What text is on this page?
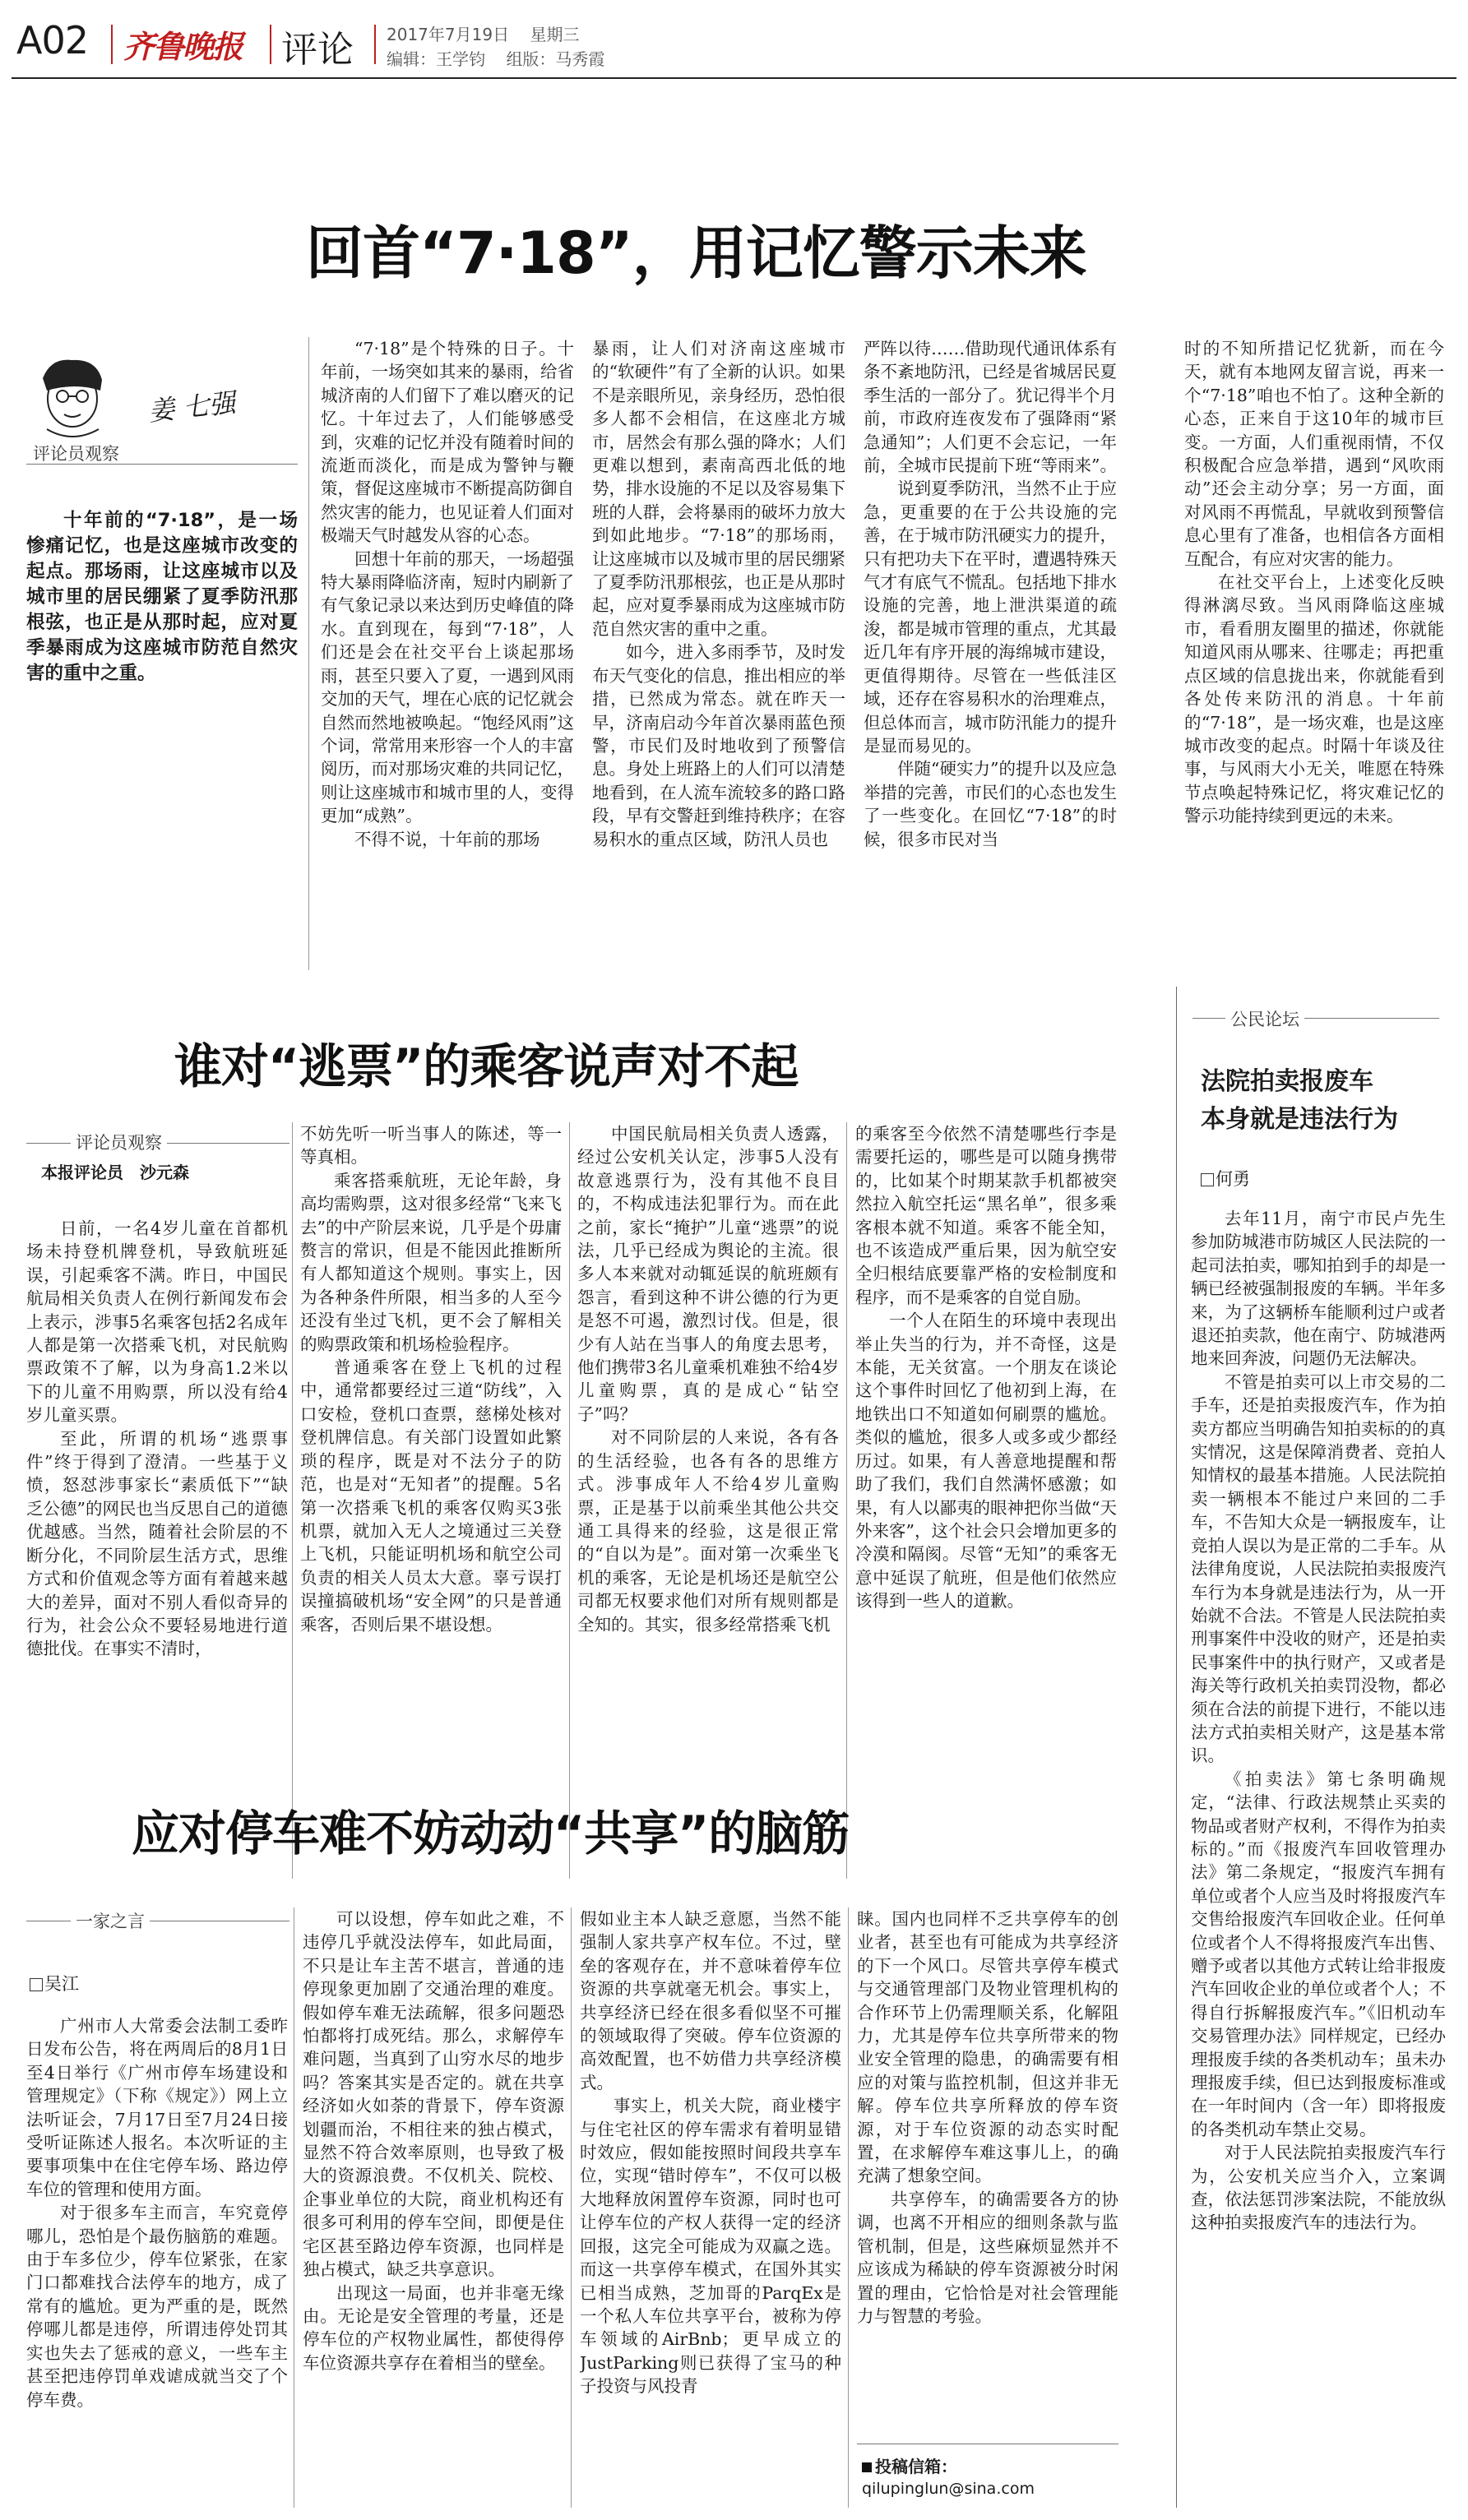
A02 齐鲁晚报 评论 2017年7月19日 星期三
编辑：王学钧 组版：马秀霞
回首“7·18”，用记忆警示未来
姜 七强
评论员观察

十年前的“7·18”，是一场惨痛记忆，也是这座城市改变的起点。那场雨，让这座城市以及城市里的居民绷紧了夏季防汛那根弦，也正是从那时起，应对夏季暴雨成为这座城市防范自然灾害的重中之重。

“7·18”是个特殊的日子。十年前，一场突如其来的暴雨，给省城济南的人们留下了难以磨灭的记忆。十年过去了，人们能够感受到，灾难的记忆并没有随着时间的流逝而淡化，而是成为警钟与鞭策，督促这座城市不断提高防御自然灾害的能力，也见证着人们面对极端天气时越发从容的心态。

回想十年前的那天，一场超强特大暴雨降临济南，短时内刷新了有气象记录以来达到历史峰值的降水。直到现在，每到“7·18”，人们还是会在社交平台上谈起那场雨，甚至只要入了夏，一遇到风雨交加的天气，埋在心底的记忆就会自然而然地被唤起。“饱经风雨”这个词，常常用来形容一个人的丰富阅历，而对那场灾难的共同记忆，则让这座城市和城市里的人，变得更加“成熟”。

不得不说，十年前的那场

暴雨，让人们对济南这座城市的“软硬件”有了全新的认识。如果不是亲眼所见，亲身经历，恐怕很多人都不会相信，在这座北方城市，居然会有那么强的降水；人们更难以想到，素南高西北低的地势，排水设施的不足以及容易集下班的人群，会将暴雨的破坏力放大到如此地步。“7·18”的那场雨，让这座城市以及城市里的居民绷紧了夏季防汛那根弦，也正是从那时起，应对夏季暴雨成为这座城市防范自然灾害的重中之重。

如今，进入多雨季节，及时发布天气变化的信息，推出相应的举措，已然成为常态。就在昨天一早，济南启动今年首次暴雨蓝色预警，市民们及时地收到了预警信息。身处上班路上的人们可以清楚地看到，在人流车流较多的路口路段，早有交警赶到维持秩序；在容易积水的重点区域，防汛人员也

严阵以待……借助现代通讯体系有条不紊地防汛，已经是省城居民夏季生活的一部分了。犹记得半个月前，市政府连夜发布了强降雨“紧急通知”；人们更不会忘记，一年前，全城市民提前下班“等雨来”。

说到夏季防汛，当然不止于应急，更重要的在于公共设施的完善，在于城市防汛硬实力的提升，只有把功夫下在平时，遭遇特殊天气才有底气不慌乱。包括地下排水设施的完善，地上泄洪渠道的疏浚，都是城市管理的重点，尤其最近几年有序开展的海绵城市建设，更值得期待。尽管在一些低洼区域，还存在容易积水的治理难点，但总体而言，城市防汛能力的提升是显而易见的。

伴随“硬实力”的提升以及应急举措的完善，市民们的心态也发生了一些变化。在回忆“7·18”的时候，很多市民对当

时的不知所措记忆犹新，而在今天，就有本地网友留言说，再来一个“7·18”咱也不怕了。这种全新的心态，正来自于这10年的城市巨变。一方面，人们重视雨情，不仅积极配合应急举措，遇到“风吹雨动”还会主动分享；另一方面，面对风雨不再慌乱，早就收到预警信息心里有了准备，也相信各方面相互配合，有应对灾害的能力。

在社交平台上，上述变化反映得淋漓尽致。当风雨降临这座城市，看看朋友圈里的描述，你就能知道风雨从哪来、往哪走；再把重点区域的信息拢出来，你就能看到各处传来防汛的消息。十年前的“7·18”，是一场灾难，也是这座城市改变的起点。时隔十年谈及往事，与风雨大小无关，唯愿在特殊节点唤起特殊记忆，将灾难记忆的警示功能持续到更远的未来。

谁对“逃票”的乘客说声对不起
评论员观察
本报评论员　沙元森

日前，一名4岁儿童在首都机场未持登机牌登机，导致航班延误，引起乘客不满。昨日，中国民航局相关负责人在例行新闻发布会上表示，涉事5名乘客包括2名成年人都是第一次搭乘飞机，对民航购票政策不了解，以为身高1.2米以下的儿童不用购票，所以没有给4岁儿童买票。

至此，所谓的机场“逃票事件”终于得到了澄清。一些基于义愤，怒怼涉事家长“素质低下”“缺乏公德”的网民也当反思自己的道德优越感。当然，随着社会阶层的不断分化，不同阶层生活方式，思维方式和价值观念等方面有着越来越大的差异，面对不别人看似奇异的行为，社会公众不要轻易地进行道德批伐。在事实不清时，

不妨先听一听当事人的陈述，等一等真相。

乘客搭乘航班，无论年龄，身高均需购票，这对很多经常“飞来飞去”的中产阶层来说，几乎是个毋庸赘言的常识，但是不能因此推断所有人都知道这个规则。事实上，因为各种条件所限，相当多的人至今还没有坐过飞机，更不会了解相关的购票政策和机场检验程序。

普通乘客在登上飞机的过程中，通常都要经过三道“防线”，入口安检，登机口查票，慈梯处核对登机牌信息。有关部门设置如此繁琐的程序，既是对不法分子的防范，也是对“无知者”的提醒。5名第一次搭乘飞机的乘客仅购买3张机票，就加入无人之境通过三关登上飞机，只能证明机场和航空公司负责的相关人员太大意。辜亏误打误撞搞破机场“安全网”的只是普通乘客，否则后果不堪设想。

中国民航局相关负责人透露，经过公安机关认定，涉事5人没有故意逃票行为，没有其他不良目的，不构成违法犯罪行为。而在此之前，家长“掩护”儿童“逃票”的说法，几乎已经成为舆论的主流。很多人本来就对动辄延误的航班颇有怨言，看到这种不讲公德的行为更是怒不可遏，激烈讨伐。但是，很少有人站在当事人的角度去思考，他们携带3名儿童乘机难独不给4岁儿童购票，真的是成心“钻空子”吗？

对不同阶层的人来说，各有各的生活经验，也各有各的思维方式。涉事成年人不给4岁儿童购票，正是基于以前乘坐其他公共交通工具得来的经验，这是很正常的“自以为是”。面对第一次乘坐飞机的乘客，无论是机场还是航空公司都无权要求他们对所有规则都是全知的。其实，很多经常搭乘飞机

的乘客至今依然不清楚哪些行李是需要托运的，哪些是可以随身携带的，比如某个时期某款手机都被突然拉入航空托运“黑名单”，很多乘客根本就不知道。乘客不能全知，也不该造成严重后果，因为航空安全归根结底要靠严格的安检制度和程序，而不是乘客的自觉自励。

一个人在陌生的环境中表现出举止失当的行为，并不奇怪，这是本能，无关贫富。一个朋友在谈论这个事件时回忆了他初到上海，在地铁出口不知道如何刷票的尴尬。类似的尴尬，很多人或多或少都经历过。如果，有人善意地提醒和帮助了我们，我们自然满怀感激；如果，有人以鄙夷的眼神把你当做“天外来客”，这个社会只会增加更多的冷漠和隔阂。尽管“无知”的乘客无意中延误了航班，但是他们依然应该得到一些人的道歉。

公民论坛
法院拍卖报废车
本身就是违法行为
何勇

去年11月，南宁市民卢先生参加防城港市防城区人民法院的一起司法拍卖，哪知拍到手的却是一辆已经被强制报废的车辆。半年多来，为了这辆桥车能顺利过户或者退还拍卖款，他在南宁、防城港两地来回奔波，问题仍无法解决。

不管是拍卖可以上市交易的二手车，还是拍卖报废汽车，作为拍卖方都应当明确告知拍卖标的的真实情况，这是保障消费者、竞拍人知情权的最基本措施。人民法院拍卖一辆根本不能过户来回的二手车，不告知大众是一辆报废车，让竞拍人误以为是正常的二手车。从法律角度说，人民法院拍卖报废汽车行为本身就是违法行为，从一开始就不合法。不管是人民法院拍卖刑事案件中没收的财产，还是拍卖民事案件中的执行财产，又或者是海关等行政机关拍卖罚没物，都必须在合法的前提下进行，不能以违法方式拍卖相关财产，这是基本常识。

《拍卖法》第七条明确规定，“法律、行政法规禁止买卖的物品或者财产权利，不得作为拍卖标的。”而《报废汽车回收管理办法》第二条规定，“报废汽车拥有单位或者个人应当及时将报废汽车交售给报废汽车回收企业。任何单位或者个人不得将报废汽车出售、赠予或者以其他方式转让给非报废汽车回收企业的单位或者个人；不得自行拆解报废汽车。”《旧机动车交易管理办法》同样规定，已经办理报废手续的各类机动车；虽未办理报废手续，但已达到报废标准或在一年时间内（含一年）即将报废的各类机动车禁止交易。

对于人民法院拍卖报废汽车行为，公安机关应当介入，立案调查，依法惩罚涉案法院，不能放纵这种拍卖报废汽车的违法行为。

应对停车难不妨动动“共享”的脑筋
一家之言
吴江

广州市人大常委会法制工委昨日发布公告，将在两周后的8月1日至4日举行《广州市停车场建设和管理规定》（下称《规定》）网上立法听证会，7月17日至7月24日接受听证陈述人报名。本次听证的主要事项集中在住宅停车场、路边停车位的管理和使用方面。

对于很多车主而言，车究竟停哪儿，恐怕是个最伤脑筋的难题。由于车多位少，停车位紧张，在家门口都难找合法停车的地方，成了常有的尴尬。更为严重的是，既然停哪儿都是违停，所谓违停处罚其实也失去了惩戒的意义，一些车主甚至把违停罚单戏谑成就当交了个停车费。

可以设想，停车如此之难，不违停几乎就没法停车，如此局面，不只是让车主苦不堪言，普通的违停现象更加剧了交通治理的难度。假如停车难无法疏解，很多问题恐怕都将打成死结。那么，求解停车难问题，当真到了山穷水尽的地步吗？答案其实是否定的。就在共享经济如火如荼的背景下，停车资源划疆而治，不相往来的独占模式，显然不符合效率原则，也导致了极大的资源浪费。不仅机关、院校、企事业单位的大院，商业机构还有很多可利用的停车空间，即便是住宅区甚至路边停车资源，也同样是独占模式，缺乏共享意识。

出现这一局面，也并非毫无缘由。无论是安全管理的考量，还是停车位的产权物业属性，都使得停车位资源共享存在着相当的壁垒。

假如业主本人缺乏意愿，当然不能强制人家共享产权车位。不过，壁垒的客观存在，并不意味着停车位资源的共享就毫无机会。事实上，共享经济已经在很多看似坚不可摧的领域取得了突破。停车位资源的高效配置，也不妨借力共享经济模式。

事实上，机关大院，商业楼宇与住宅社区的停车需求有着明显错时效应，假如能按照时间段共享车位，实现“错时停车”，不仅可以极大地释放闲置停车资源，同时也可让停车位的产权人获得一定的经济回报，这完全可能成为双赢之选。而这一共享停车模式，在国外其实已相当成熟，芝加哥的ParqEx是一个私人车位共享平台，被称为停车领域的AirBnb；更早成立的JustParking则已获得了宝马的种子投资与风投青

睐。国内也同样不乏共享停车的创业者，甚至也有可能成为共享经济的下一个风口。尽管共享停车模式与交通管理部门及物业管理机构的合作环节上仍需理顺关系，化解阻力，尤其是停车位共享所带来的物业安全管理的隐患，的确需要有相应的对策与监控机制，但这并非无解。停车位共享所释放的停车资源，对于车位资源的动态实时配置，在求解停车难这事儿上，的确充满了想象空间。

共享停车，的确需要各方的协调，也离不开相应的细则条款与监管机制，但是，这些麻烦显然并不应该成为稀缺的停车资源被分时闲置的理由，它恰恰是对社会管理能力与智慧的考验。

投稿信箱：
qilupinglun@sina.com
